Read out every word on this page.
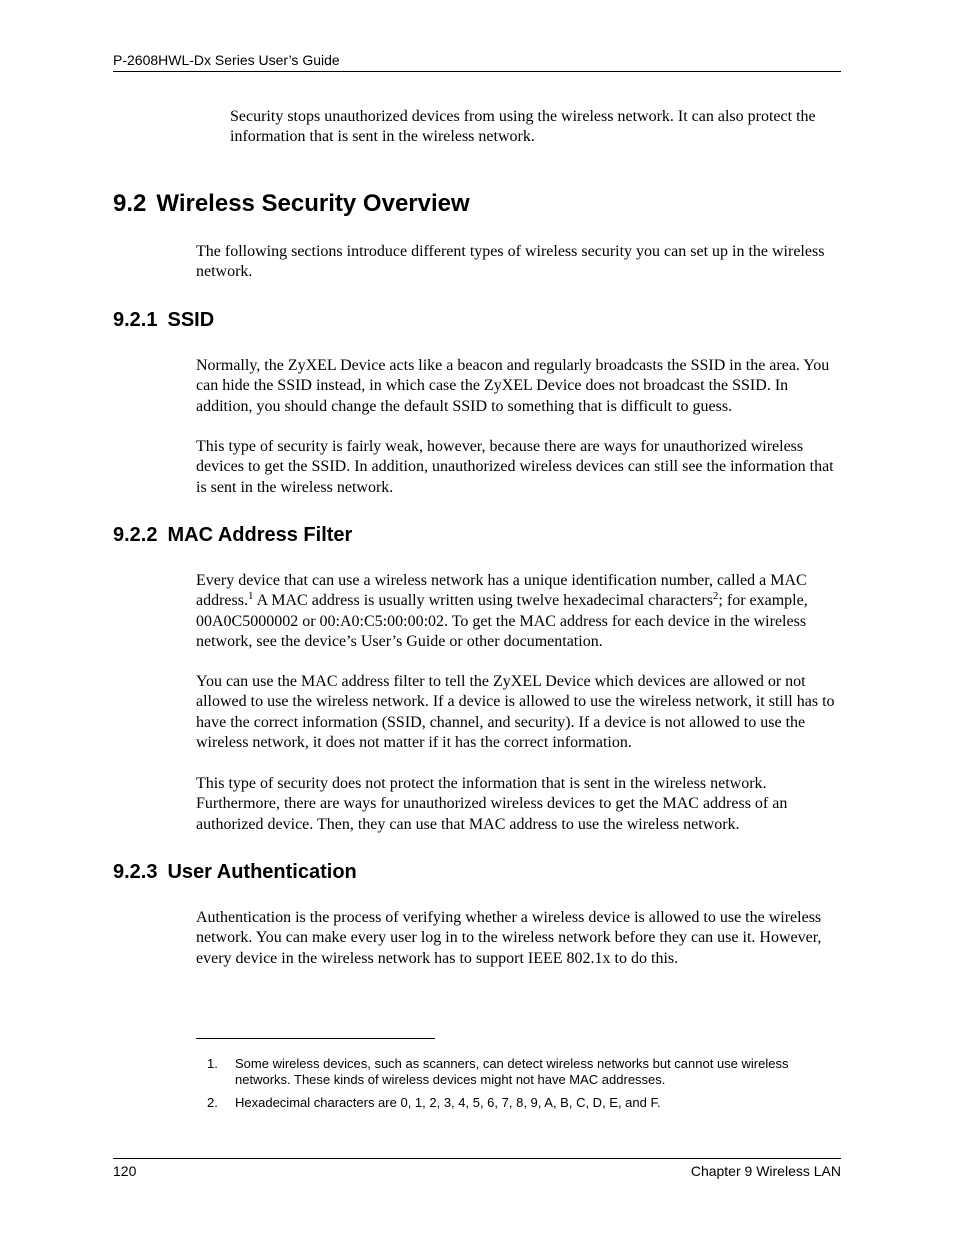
P-2608HWL-Dx Series User’s Guide

Security stops unauthorized devices from using the wireless network. It can also protect the information that is sent in the wireless network.

9.2 Wireless Security Overview

The following sections introduce different types of wireless security you can set up in the wireless network.

9.2.1 SSID

Normally, the ZyXEL Device acts like a beacon and regularly broadcasts the SSID in the area. You can hide the SSID instead, in which case the ZyXEL Device does not broadcast the SSID. In addition, you should change the default SSID to something that is difficult to guess.

This type of security is fairly weak, however, because there are ways for unauthorized wireless devices to get the SSID. In addition, unauthorized wireless devices can still see the information that is sent in the wireless network.

9.2.2 MAC Address Filter

Every device that can use a wireless network has a unique identification number, called a MAC address.$^1$ A MAC address is usually written using twelve hexadecimal characters$^2$; for example, 00A0C5000002 or 00:A0:C5:00:00:02. To get the MAC address for each device in the wireless network, see the device’s User’s Guide or other documentation.

You can use the MAC address filter to tell the ZyXEL Device which devices are allowed or not allowed to use the wireless network. If a device is allowed to use the wireless network, it still has to have the correct information (SSID, channel, and security). If a device is not allowed to use the wireless network, it does not matter if it has the correct information.

This type of security does not protect the information that is sent in the wireless network. Furthermore, there are ways for unauthorized wireless devices to get the MAC address of an authorized device. Then, they can use that MAC address to use the wireless network.

9.2.3 User Authentication

Authentication is the process of verifying whether a wireless device is allowed to use the wireless network. You can make every user log in to the wireless network before they can use it. However, every device in the wireless network has to support IEEE 802.1x to do this.

1. Some wireless devices, such as scanners, can detect wireless networks but cannot use wireless networks. These kinds of wireless devices might not have MAC addresses.
2. Hexadecimal characters are 0, 1, 2, 3, 4, 5, 6, 7, 8, 9, A, B, C, D, E, and F.
120	Chapter 9 Wireless LAN
